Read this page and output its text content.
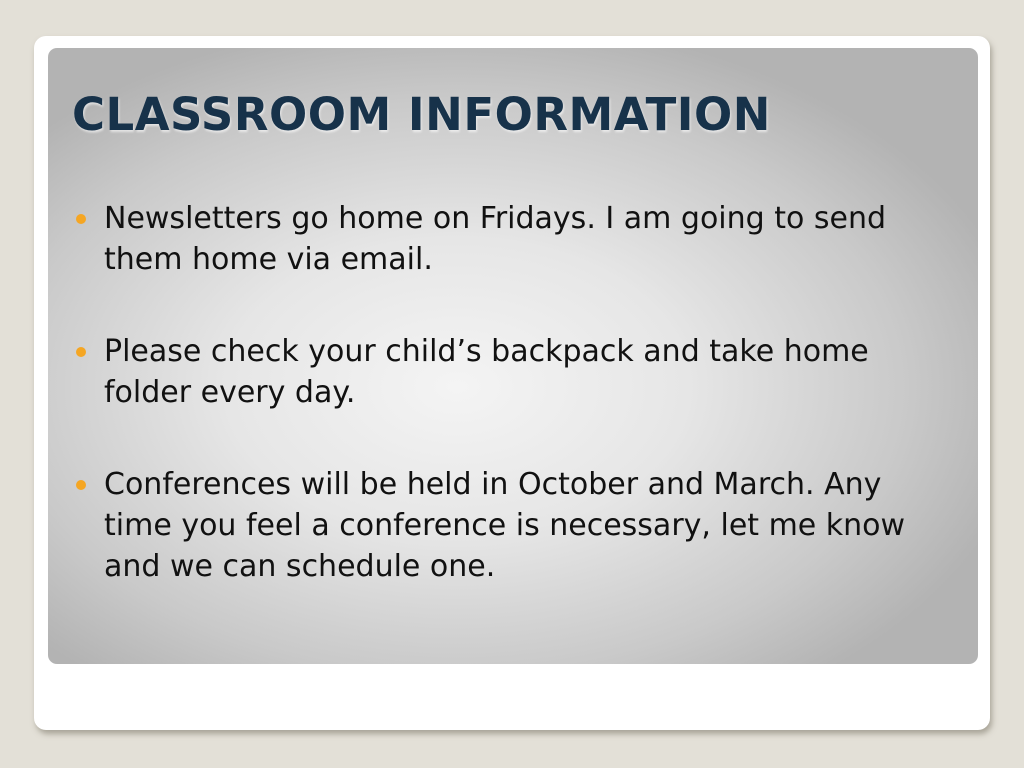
CLASSROOM INFORMATION
Newsletters go home on Fridays. I am going to send them home via email.
Please check your child’s backpack and take home folder every day.
Conferences will be held in October and March. Any time you feel a conference is necessary, let me know and we can schedule one.
